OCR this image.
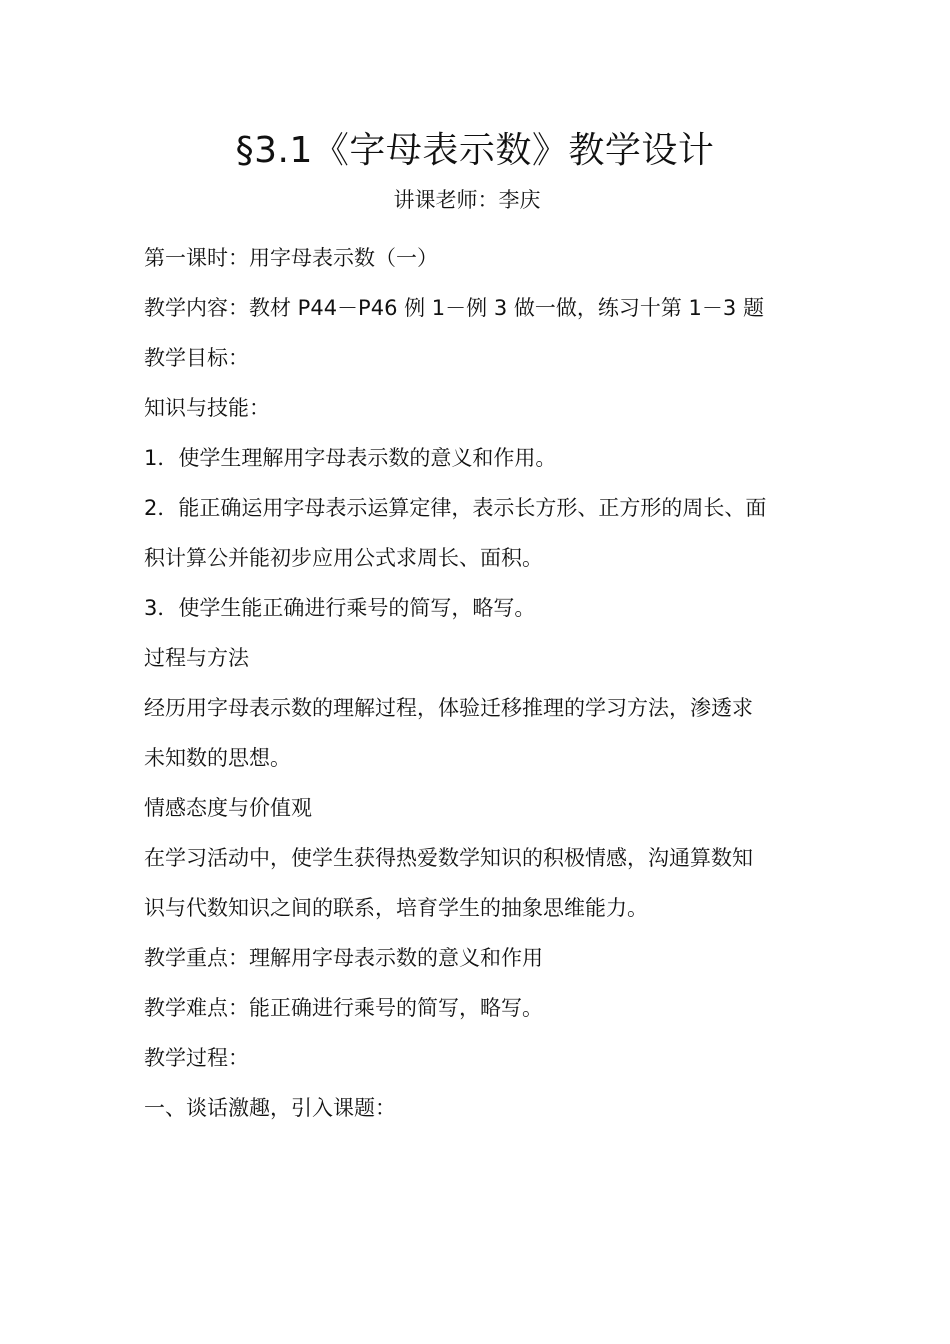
§3.1《字母表示数》教学设计
讲课老师：李庆
第一课时：用字母表示数（一）
教学内容：教材 P44－P46 例 1－例 3 做一做，练习十第 1－3 题
教学目标：
知识与技能：
1．使学生理解用字母表示数的意义和作用。
2．能正确运用字母表示运算定律，表示长方形、正方形的周长、面
积计算公并能初步应用公式求周长、面积。
3．使学生能正确进行乘号的简写，略写。
过程与方法
经历用字母表示数的理解过程，体验迁移推理的学习方法，渗透求
未知数的思想。
情感态度与价值观
在学习活动中，使学生获得热爱数学知识的积极情感，沟通算数知
识与代数知识之间的联系，培育学生的抽象思维能力。
教学重点：理解用字母表示数的意义和作用
教学难点：能正确进行乘号的简写，略写。
教学过程：
一、谈话激趣，引入课题：
